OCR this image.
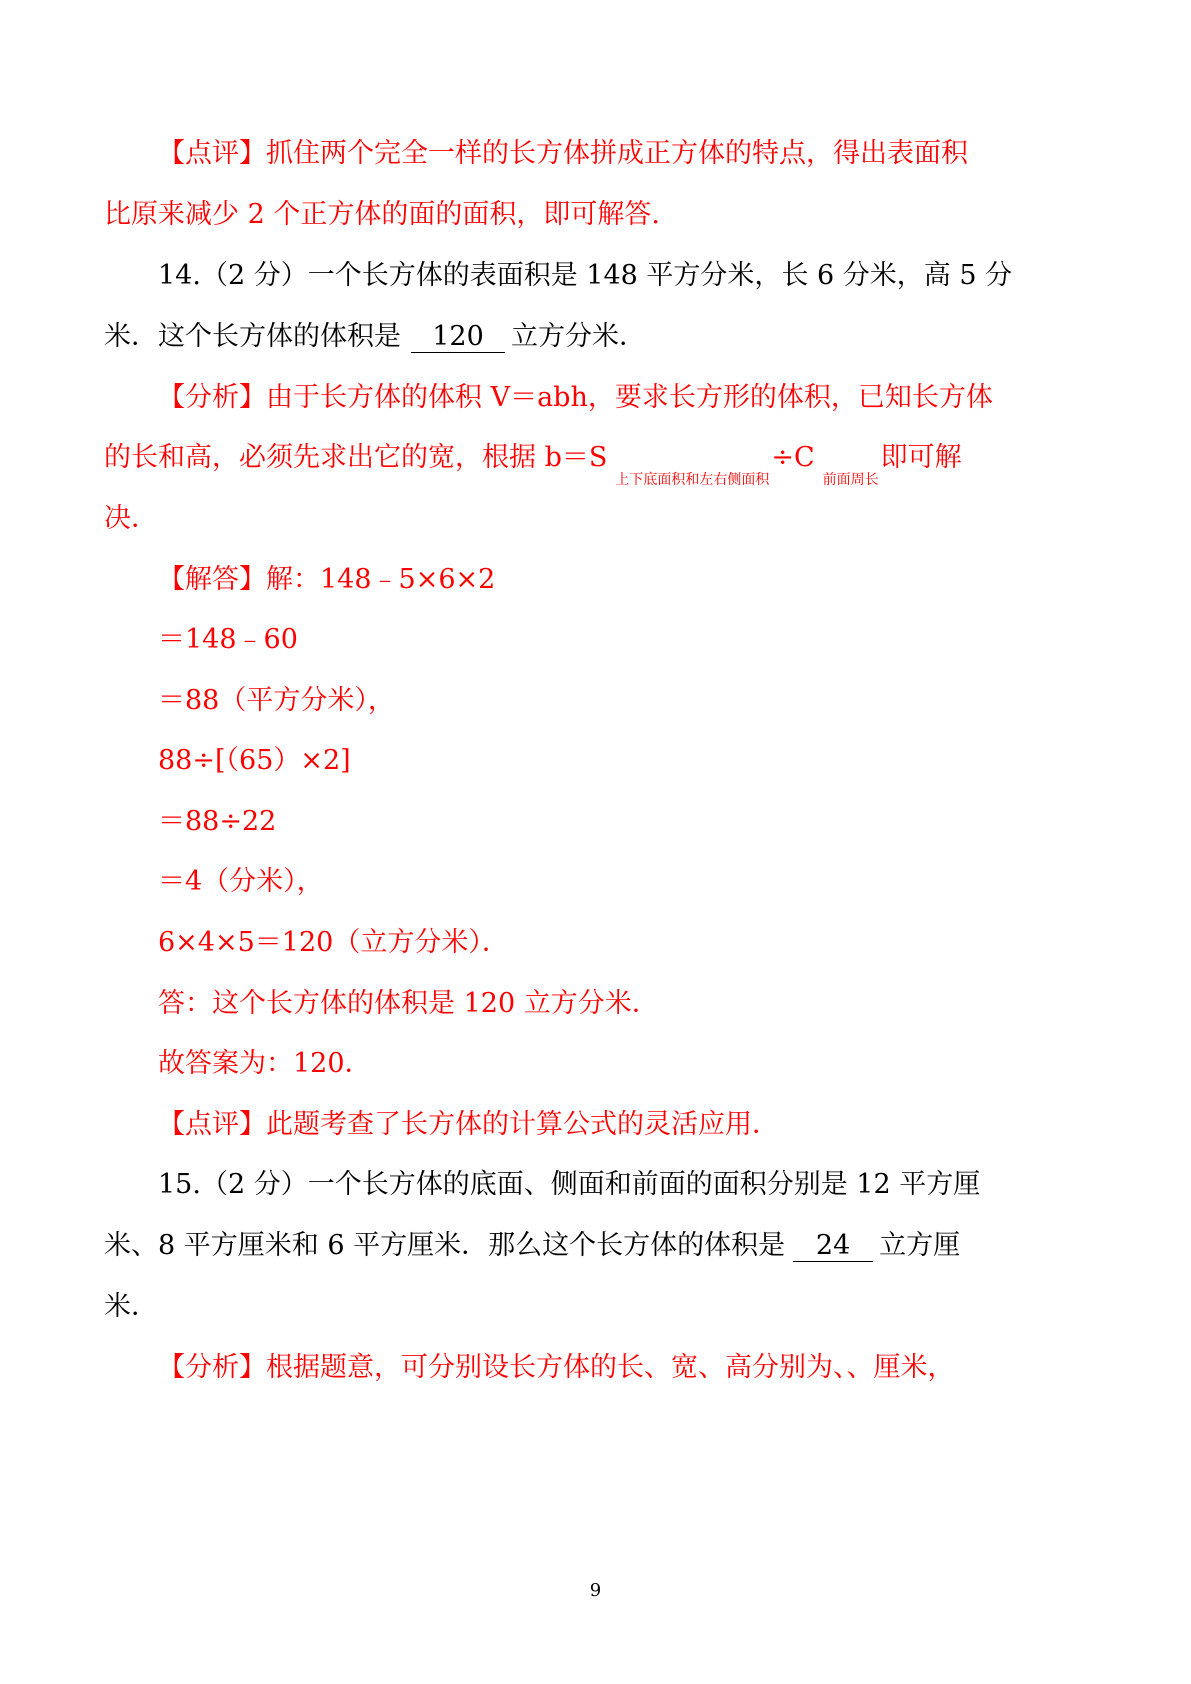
【点评】抓住两个完全一样的长方体拼成正方体的特点，得出表面积
比原来减少 2 个正方体的面的面积，即可解答.
14.（2 分）一个长方体的表面积是 148 平方分米，长 6 分米，高 5 分
米．这个长方体的体积是 120 立方分米．
【分析】由于长方体的体积 V＝abh，要求长方形的体积，已知长方体
的长和高，必须先求出它的宽，根据 $b=S_{上下底面积和左右侧面积}\div C_{前面周长}$即可解
决．
【解答】解：148﹣5×6×2
＝148﹣60
＝88（平方分米），
88÷[（65）×2]
＝88÷22
＝4（分米），
6×4×5＝120（立方分米）．
答：这个长方体的体积是 120 立方分米．
故答案为：120．
【点评】此题考查了长方体的计算公式的灵活应用．
15.（2 分）一个长方体的底面、侧面和前面的面积分别是 12 平方厘
米、8 平方厘米和 6 平方厘米．那么这个长方体的体积是 24 立方厘
米．
【分析】根据题意，可分别设长方体的长、宽、高分别为、、厘米，
9
